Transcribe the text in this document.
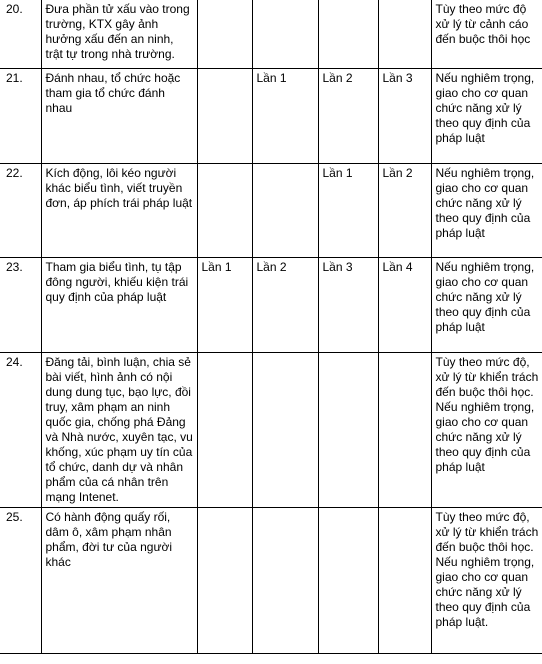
20.	Đưa phần tử xấu vào trong trường, KTX gây ảnh hưởng xấu đến an ninh, trật tự trong nhà trường.					Tùy theo mức độ xử lý từ cảnh cáo đến buộc thôi học
21.	Đánh nhau, tổ chức hoặc tham gia tổ chức đánh nhau		Lần 1	Lần 2	Lần 3	Nếu nghiêm trọng, giao cho cơ quan chức năng xử lý theo quy định của pháp luật
22.	Kích động, lôi kéo người khác biểu tình, viết truyền đơn, áp phích trái pháp luật			Lần 1	Lần 2	Nếu nghiêm trọng, giao cho cơ quan chức năng xử lý theo quy định của pháp luật
23.	Tham gia biểu tình, tụ tập đông người, khiếu kiện trái quy định của pháp luật	Lần 1	Lần 2	Lần 3	Lần 4	Nếu nghiêm trọng, giao cho cơ quan chức năng xử lý theo quy định của pháp luật
24.	Đăng tải, bình luận, chia sẻ bài viết, hình ảnh có nội dung dung tục, bạo lực, đồi truy, xâm phạm an ninh quốc gia, chống phá Đảng và Nhà nước, xuyên tạc, vu khống, xúc phạm uy tín của tổ chức, danh dự và nhân phẩm của cá nhân trên mạng Intenet.					Tùy theo mức độ, xử lý từ khiển trách đến buộc thôi học. Nếu nghiêm trọng, giao cho cơ quan chức năng xử lý theo quy định của pháp luật
25.	Có hành động quấy rối, dâm ô, xâm phạm nhân phẩm, đời tư của người khác					Tùy theo mức độ, xử lý từ khiển trách đến buộc thôi học. Nếu nghiêm trọng, giao cho cơ quan chức năng xử lý theo quy định của pháp luật.
